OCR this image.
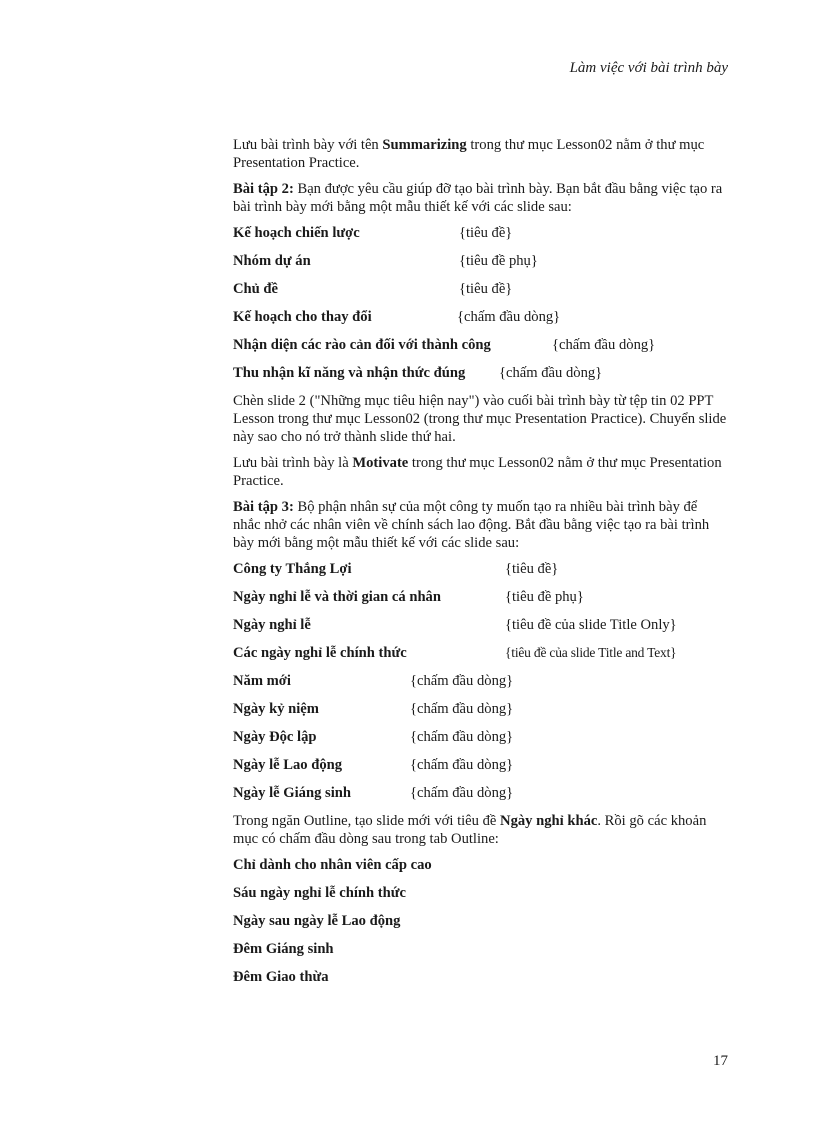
Làm việc với bài trình bày

Lưu bài trình bày với tên Summarizing trong thư mục Lesson02 nằm ở thư mục Presentation Practice.

Bài tập 2: Bạn được yêu cầu giúp đỡ tạo bài trình bày. Bạn bắt đầu bằng việc tạo ra bài trình bày mới bằng một mẫu thiết kế với các slide sau:

Kế hoạch chiến lược	{tiêu đề}
Nhóm dự án	{tiêu đề phụ}
Chủ đề	{tiêu đề}
Kế hoạch cho thay đổi	{chấm đầu dòng}
Nhận diện các rào cản đối với thành công	{chấm đầu dòng}
Thu nhận kĩ năng và nhận thức đúng	{chấm đầu dòng}

Chèn slide 2 ("Những mục tiêu hiện nay") vào cuối bài trình bày từ tệp tin 02 PPT Lesson trong thư mục Lesson02 (trong thư mục Presentation Practice). Chuyển slide này sao cho nó trở thành slide thứ hai.

Lưu bài trình bày là Motivate trong thư mục Lesson02 nằm ở thư mục Presentation Practice.

Bài tập 3: Bộ phận nhân sự của một công ty muốn tạo ra nhiều bài trình bày để nhắc nhở các nhân viên về chính sách lao động. Bắt đầu bằng việc tạo ra bài trình bày mới bằng một mẫu thiết kế với các slide sau:

Công ty Thắng Lợi	{tiêu đề}
Ngày nghỉ lễ và thời gian cá nhân	{tiêu đề phụ}
Ngày nghỉ lễ	{tiêu đề của slide Title Only}
Các ngày nghỉ lễ chính thức	{tiêu đề của slide Title and Text}
Năm mới	{chấm đầu dòng}
Ngày kỷ niệm	{chấm đầu dòng}
Ngày Độc lập	{chấm đầu dòng}
Ngày lễ Lao động	{chấm đầu dòng}
Ngày lễ Giáng sinh	{chấm đầu dòng}

Trong ngăn Outline, tạo slide mới với tiêu đề Ngày nghỉ khác. Rồi gõ các khoản mục có chấm đầu dòng sau trong tab Outline:

Chỉ dành cho nhân viên cấp cao
Sáu ngày nghỉ lễ chính thức
Ngày sau ngày lễ Lao động
Đêm Giáng sinh
Đêm Giao thừa
17
